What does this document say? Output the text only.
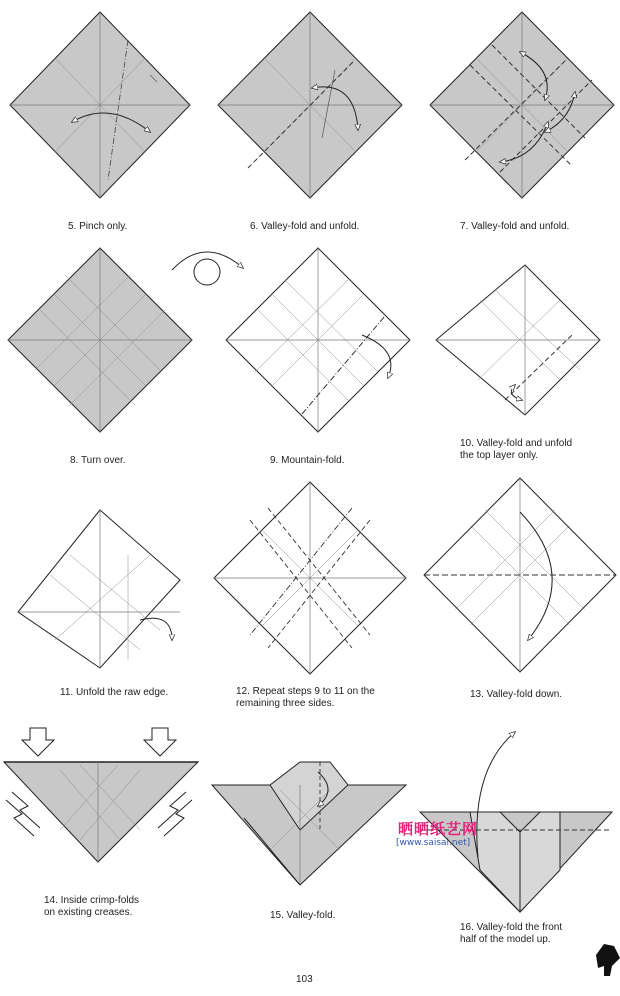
5. Pinch only.	6. Valley-fold and unfold.	7. Valley-fold and unfold.
8. Turn over.	9. Mountain-fold.
10. Valley-fold and unfold
the top layer only.
11. Unfold the raw edge.	12. Repeat steps 9 to 11 on the
remaining three sides.
13. Valley-fold down.
14. Inside crimp-folds
on existing creases.	15. Valley-fold.
16. Valley-fold the front
half of the model up.
103
晒晒纸艺网
[www.saisai.net]
